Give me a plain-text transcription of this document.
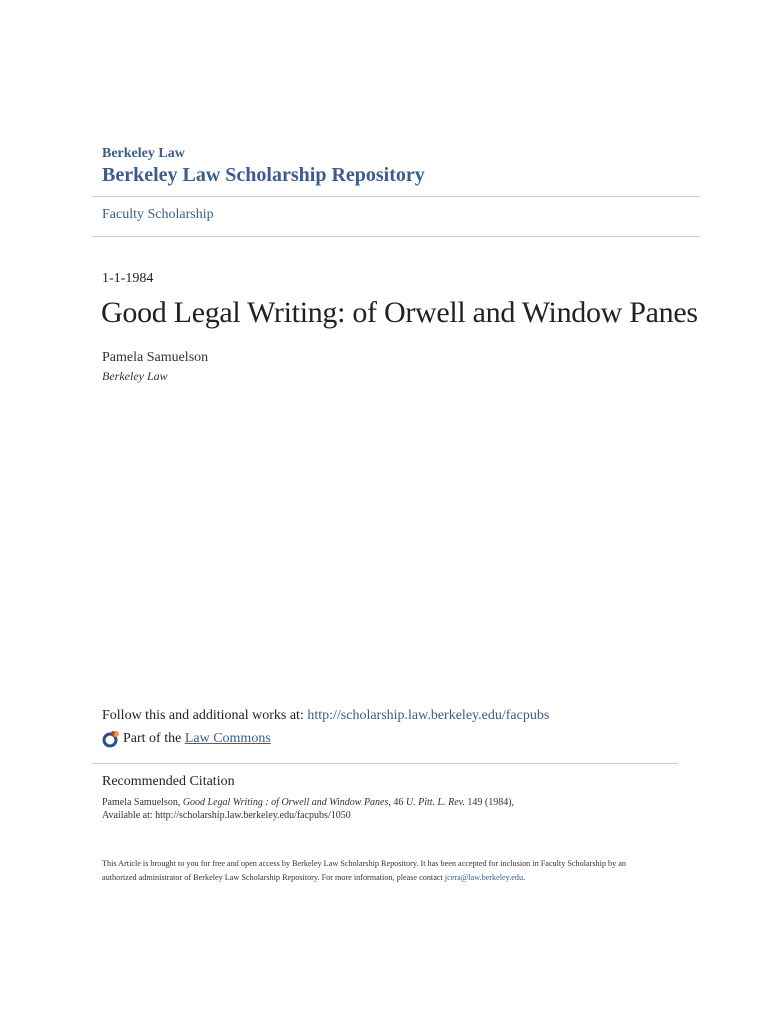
Berkeley Law
Berkeley Law Scholarship Repository
Faculty Scholarship
1-1-1984
Good Legal Writing: of Orwell and Window Panes
Pamela Samuelson
Berkeley Law
Follow this and additional works at: http://scholarship.law.berkeley.edu/facpubs
Part of the
Law Commons
Recommended Citation
Pamela Samuelson, Good Legal Writing : of Orwell and Window Panes, 46 U. Pitt. L. Rev. 149 (1984),
Available at: http://scholarship.law.berkeley.edu/facpubs/1050
This Article is brought to you for free and open access by Berkeley Law Scholarship Repository. It has been accepted for inclusion in Faculty Scholarship by an authorized administrator of Berkeley Law Scholarship Repository. For more information, please contact jcera@law.berkeley.edu.
